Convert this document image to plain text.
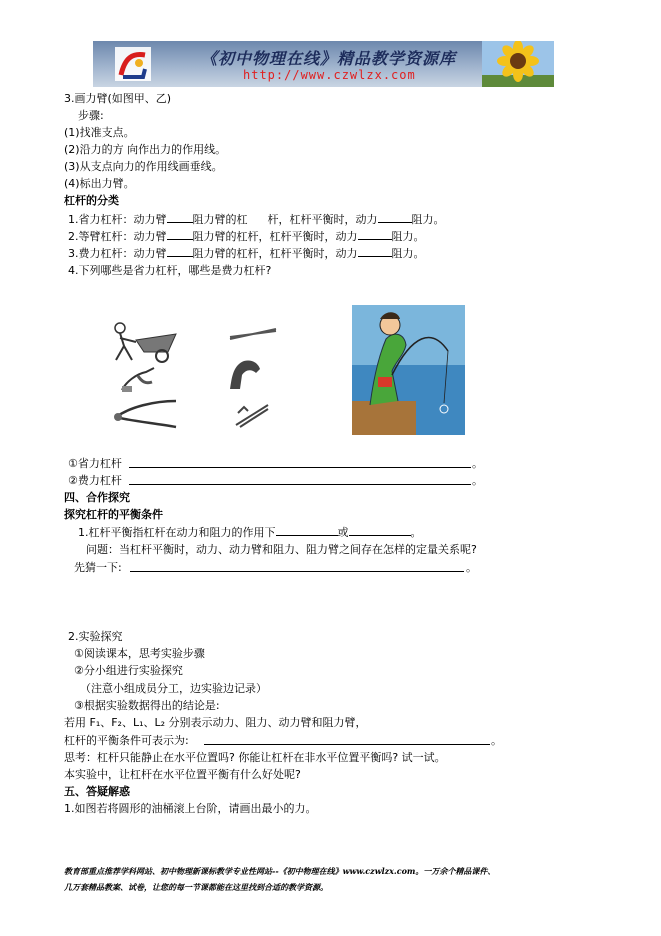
《初中物理在线》精品教学资源库
http://www.czwlzx.com
3.画力臂(如图甲、乙)
步骤:
(1)找准支点。
(2)沿力的方 向作出力的作用线。
(3)从支点向力的作用线画垂线。
(4)标出力臂。
杠杆的分类
1.省力杠杆：动力臂 阻力臂的杠 杆，杠杆平衡时，动力	阻力。
2.等臂杠杆：动力臂 阻力臂的杠杆，杠杆平衡时，动力	阻力。
3.费力杠杆：动力臂 阻力臂的杠杆，杠杆平衡时，动力	阻力。
4.下列哪些是省力杠杆，哪些是费力杠杆?
①省力杠杆	。
②费力杠杆	。
四、合作探究
探究杠杆的平衡条件
1.杠杆平衡指杠杆在动力和阻力的作用下	或	。
问题：当杠杆平衡时，动力、动力臂和阻力、阻力臂之间存在怎样的定量关系呢?
先猜一下:	。
2.实验探究
①阅读课本，思考实验步骤
②分小组进行实验探究
（注意小组成员分工，边实验边记录）
③根据实验数据得出的结论是:
若用 F₁、F₂、L₁、L₂ 分别表示动力、阻力、动力臂和阻力臂，
杠杆的平衡条件可表示为:	。
思考：杠杆只能静止在水平位置吗? 你能让杠杆在非水平位置平衡吗? 试一试。
本实验中，让杠杆在水平位置平衡有什么好处呢?
五、答疑解惑
1.如图若将圆形的油桶滚上台阶，请画出最小的力。
教育部重点推荐学科网站、初中物理新课标教学专业性网站--《初中物理在线》www.czwlzx.com。一万余个精品课件、
几万套精品教案、试卷，让您的每一节课都能在这里找到合适的教学资源。
